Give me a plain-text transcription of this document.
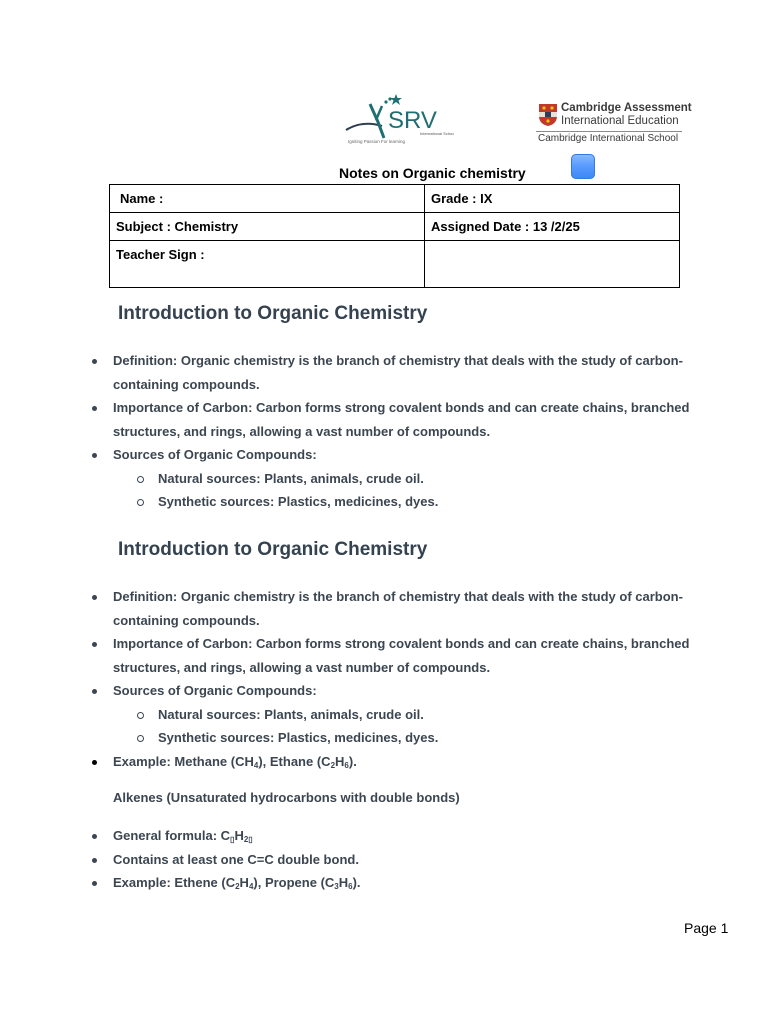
SRV
International School
Igniting Passion For learning
Cambridge Assessment
International Education
Cambridge International School
Notes on Organic chemistry
Name :	Grade : IX
Subject : Chemistry	Assigned Date : 13 /2/25
Teacher Sign :	
Introduction to Organic Chemistry
Definition: Organic chemistry is the branch of chemistry that deals with the study of carbon-containing compounds.
Importance of Carbon: Carbon forms strong covalent bonds and can create chains, branched structures, and rings, allowing a vast number of compounds.
Sources of Organic Compounds:
Natural sources: Plants, animals, crude oil.
Synthetic sources: Plastics, medicines, dyes.
Introduction to Organic Chemistry
Definition: Organic chemistry is the branch of chemistry that deals with the study of carbon-containing compounds.
Importance of Carbon: Carbon forms strong covalent bonds and can create chains, branched structures, and rings, allowing a vast number of compounds.
Sources of Organic Compounds:
Natural sources: Plants, animals, crude oil.
Synthetic sources: Plastics, medicines, dyes.
Example: Methane $(CH_4)$, Ethane $(C_2H_6)$.
Alkenes (Unsaturated hydrocarbons with double bonds)
General formula: $C_▯H_{2▯}$
Contains at least one C=C double bond.
Example: Ethene $(C_2H_4)$, Propene $(C_3H_6)$.
Page 1
